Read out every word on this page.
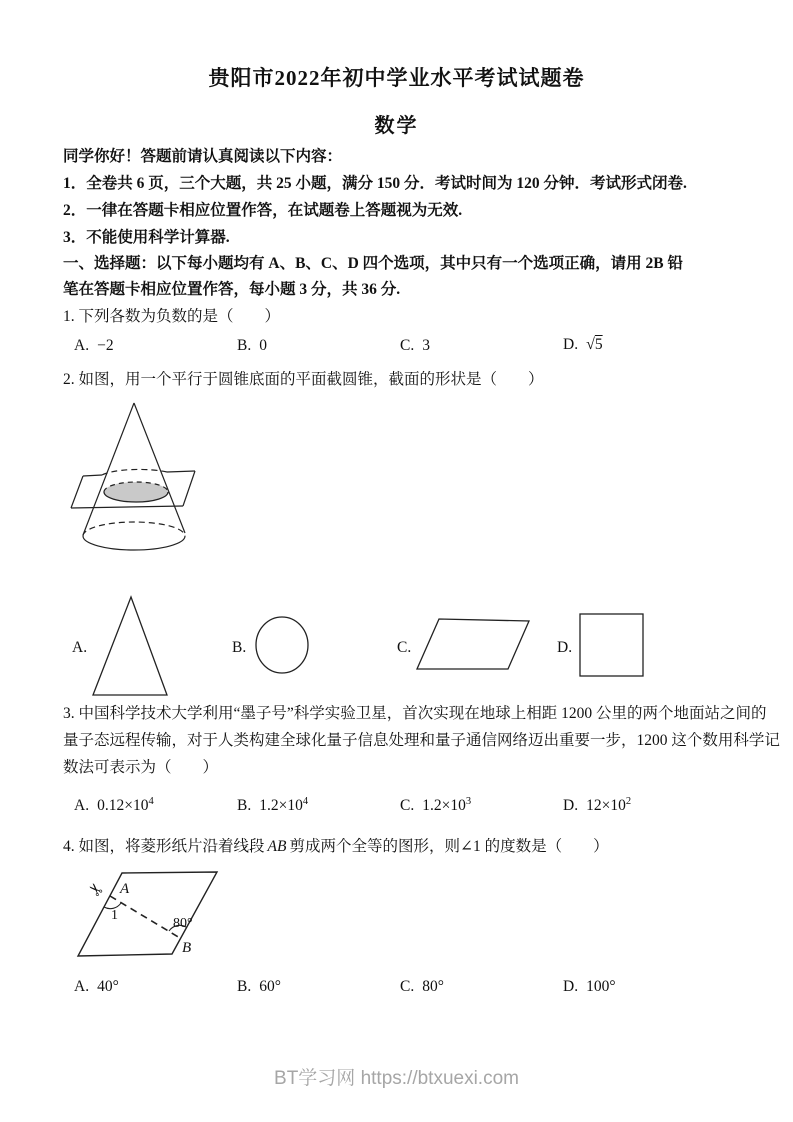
贵阳市2022年初中学业水平考试试题卷
数学
同学你好！答题前请认真阅读以下内容：
1．全卷共 6 页，三个大题，共 25 小题，满分 150 分．考试时间为 120 分钟．考试形式闭卷.
2．一律在答题卡相应位置作答，在试题卷上答题视为无效.
3．不能使用科学计算器.
一、选择题：以下每小题均有 A、B、C、D 四个选项，其中只有一个选项正确，请用 2B 铅
笔在答题卡相应位置作答，每小题 3 分，共 36 分.
1. 下列各数为负数的是（　　）
A. −2	B. 0	C. 3	D. √5
2. 如图，用一个平行于圆锥底面的平面截圆锥，截面的形状是（　　）
A.	B.	C.	D.
3. 中国科学技术大学利用“墨子号”科学实验卫星，首次实现在地球上相距 1200 公里的两个地面站之间的
量子态远程传输，对于人类构建全球化量子信息处理和量子通信网络迈出重要一步，1200 这个数用科学记
数法可表示为（　　）
A. $0.12\times 10^4$	B. $1.2\times 10^4$	C. $1.2\times 10^3$	D. $12\times 10^2$
4. 如图，将菱形纸片沿着线段 AB 剪成两个全等的图形，则∠1 的度数是（　　）
A
B
1
80°
✂
A. 40°	B. 60°	C. 80°	D. 100°
BT学习网 https://btxuexi.com
